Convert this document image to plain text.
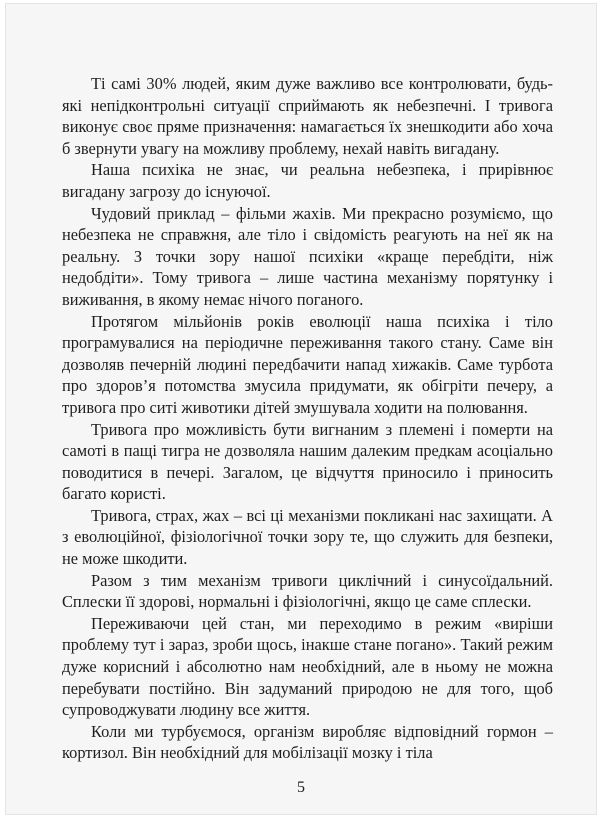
Ті самі 30% людей, яким дуже важливо все контролювати, будь-які непідконтрольні ситуації сприймають як небезпечні. І тривога виконує своє пряме призначення: намагається їх знешкодити або хоча б звернути увагу на можливу проблему, нехай навіть вигадану.

Наша психіка не знає, чи реальна небезпека, і прирівнює вигадану загрозу до існуючої.

Чудовий приклад – фільми жахів. Ми прекрасно розуміємо, що небезпека не справжня, але тіло і свідомість реагують на неї як на реальну. З точки зору нашої психіки «краще перебдіти, ніж недобдіти». Тому тривога – лише частина механізму порятунку і виживання, в якому немає нічого поганого.

Протягом мільйонів років еволюції наша психіка і тіло програмувалися на періодичне переживання такого стану. Саме він дозволяв печерній людині передбачити напад хижаків. Саме турбота про здоров’я потомства змусила придумати, як обігріти печеру, а тривога про ситі животики дітей змушувала ходити на полювання.

Тривога про можливість бути вигнаним з племені і померти на самоті в пащі тигра не дозволяла нашим далеким предкам асоціально поводитися в печері. Загалом, це відчуття приносило і приносить багато користі.

Тривога, страх, жах – всі ці механізми покликані нас захищати. А з еволюційної, фізіологічної точки зору те, що служить для безпеки, не може шкодити.

Разом з тим механізм тривоги циклічний і синусоїдальний. Сплески її здорові, нормальні і фізіологічні, якщо це саме сплески.

Переживаючи цей стан, ми переходимо в режим «виріши проблему тут і зараз, зроби щось, інакше стане погано». Такий режим дуже корисний і абсолютно нам необхідний, але в ньому не можна перебувати постійно. Він задуманий природою не для того, щоб супроводжувати людину все життя.

Коли ми турбуємося, організм виробляє відповідний гормон – кортизол. Він необхідний для мобілізації мозку і тіла

5
